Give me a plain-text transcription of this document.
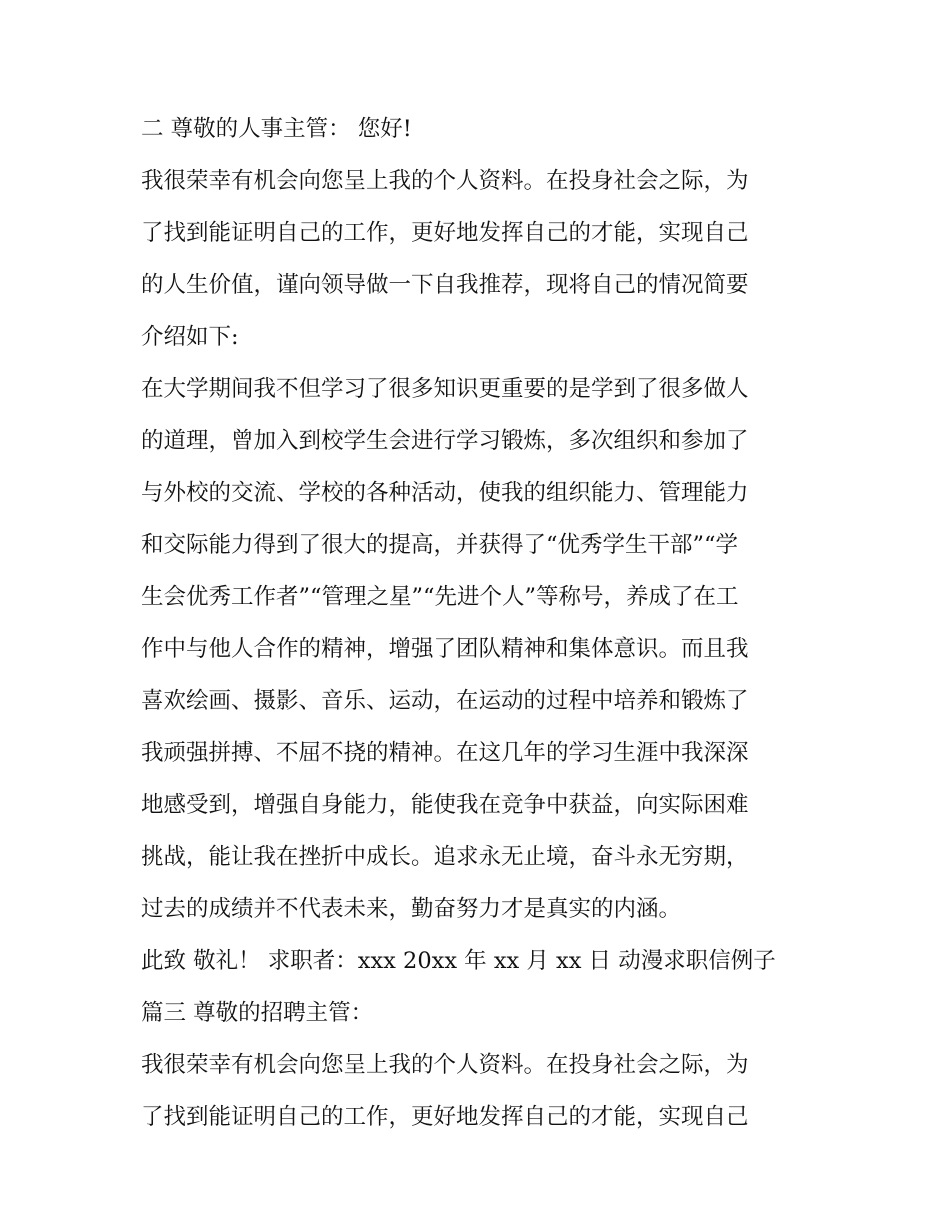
二 尊敬的人事主管： 您好!

我很荣幸有机会向您呈上我的个人资料。在投身社会之际，为

了找到能证明自己的工作，更好地发挥自己的才能，实现自己

的人生价值，谨向领导做一下自我推荐，现将自己的情况简要

介绍如下:

在大学期间我不但学习了很多知识更重要的是学到了很多做人

的道理，曾加入到校学生会进行学习锻炼，多次组织和参加了

与外校的交流、学校的各种活动，使我的组织能力、管理能力

和交际能力得到了很大的提高，并获得了“优秀学生干部”“学

生会优秀工作者”“管理之星”“先进个人”等称号，养成了在工

作中与他人合作的精神，增强了团队精神和集体意识。而且我

喜欢绘画、摄影、音乐、运动，在运动的过程中培养和锻炼了

我顽强拼搏、不屈不挠的精神。在这几年的学习生涯中我深深

地感受到，增强自身能力，能使我在竞争中获益，向实际困难

挑战，能让我在挫折中成长。追求永无止境，奋斗永无穷期，

过去的成绩并不代表未来，勤奋努力才是真实的内涵。

此致 敬礼！ 求职者：xxx 20xx 年 xx 月 xx 日 动漫求职信例子

篇三 尊敬的招聘主管：

我很荣幸有机会向您呈上我的个人资料。在投身社会之际，为

了找到能证明自己的工作，更好地发挥自己的才能，实现自己
